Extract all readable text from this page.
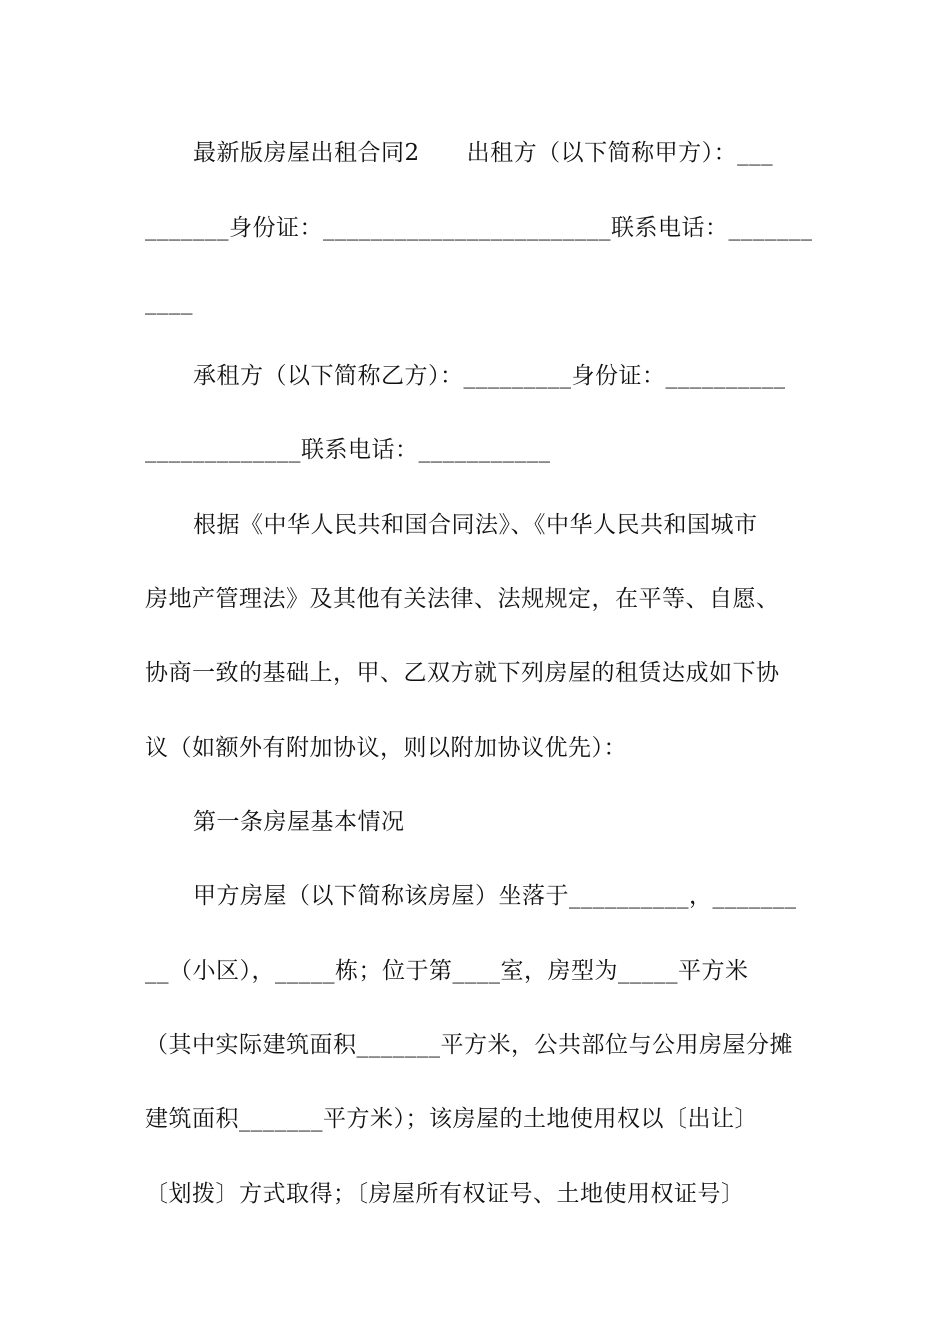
最新版房屋出租合同2　　出租方（以下简称甲方）：___
_______身份证：________________________联系电话：_______
____
承租方（以下简称乙方）：_________身份证：__________
_____________联系电话：___________
根据《中华人民共和国合同法》、《中华人民共和国城市
房地产管理法》及其他有关法律、法规规定，在平等、自愿、
协商一致的基础上，甲、乙双方就下列房屋的租赁达成如下协
议（如额外有附加协议，则以附加协议优先）：
第一条房屋基本情况
甲方房屋（以下简称该房屋）坐落于__________，_______
__（小区），_____栋；位于第____室，房型为_____平方米
（其中实际建筑面积_______平方米，公共部位与公用房屋分摊
建筑面积_______平方米）；该房屋的土地使用权以〔出让〕
〔划拨〕方式取得；〔房屋所有权证号、土地使用权证号〕
